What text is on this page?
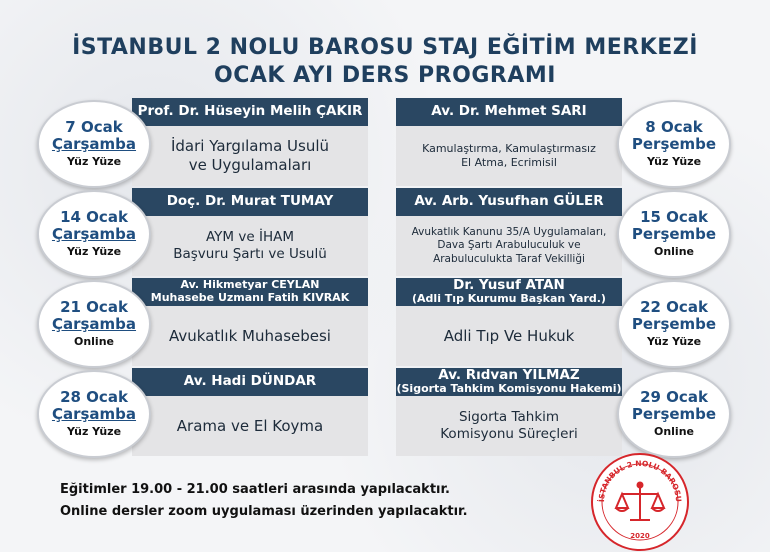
İSTANBUL 2 NOLU BAROSU STAJ EĞİTİM MERKEZİ
OCAK AYI DERS PROGRAMI
Prof. Dr. Hüseyin Melih ÇAKIR
İdari Yargılama Usulü
ve Uygulamaları
7 Ocak
Çarşamba
Yüz Yüze
Av. Dr. Mehmet SARI
Kamulaştırma, Kamulaştırmasız
El Atma, Ecrimisil
8 Ocak
Perşembe
Yüz Yüze
Doç. Dr. Murat TUMAY
AYM ve İHAM
Başvuru Şartı ve Usulü
14 Ocak
Çarşamba
Yüz Yüze
Av. Arb. Yusufhan GÜLER
Avukatlık Kanunu 35/A Uygulamaları,
Dava Şartı Arabuluculuk ve
Arabuluculukta Taraf Vekilliği
15 Ocak
Perşembe
Online
Av. Hikmetyar CEYLAN
Muhasebe Uzmanı Fatih KIVRAK
Avukatlık Muhasebesi
21 Ocak
Çarşamba
Online
Dr. Yusuf ATAN
(Adli Tıp Kurumu Başkan Yard.)
Adli Tıp Ve Hukuk
22 Ocak
Perşembe
Yüz Yüze
Av. Hadi DÜNDAR
Arama ve El Koyma
28 Ocak
Çarşamba
Yüz Yüze
Av. Rıdvan YILMAZ
(Sigorta Tahkim Komisyonu Hakemi)
Sigorta Tahkim
Komisyonu Süreçleri
29 Ocak
Perşembe
Online
Eğitimler 19.00 - 21.00 saatleri arasında yapılacaktır.
Online dersler zoom uygulaması üzerinden yapılacaktır.
İSTANBUL 2 NOLU BAROSU
2020
